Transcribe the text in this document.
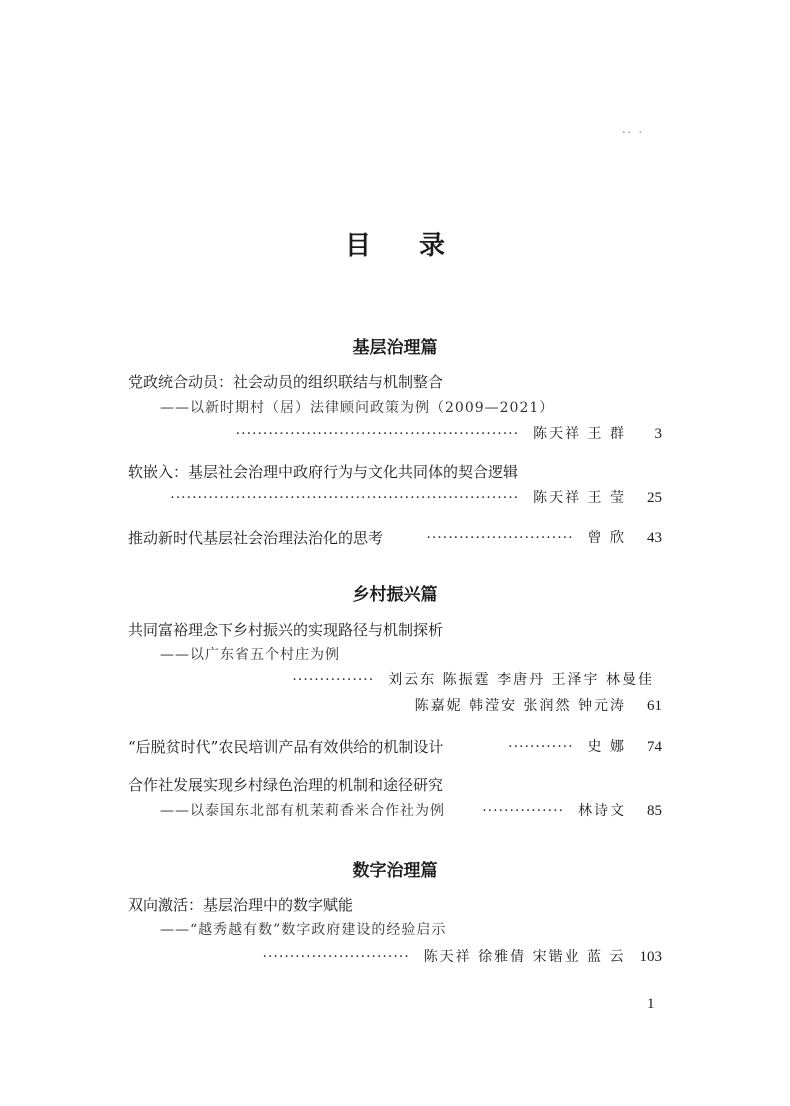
·· ·
目录
基层治理篇
党政统合动员：社会动员的组织联结与机制整合
——以新时期村（居）法律顾问政策为例（2009—2021）
···················································· 陈天祥 王 群	3
软嵌入：基层社会治理中政府行为与文化共同体的契合逻辑
································································ 陈天祥 王 莹	25
推动新时代基层社会治理法治化的思考	··························· 曾 欣	43
乡村振兴篇
共同富裕理念下乡村振兴的实现路径与机制探析
——以广东省五个村庄为例
··············· 刘云东 陈振霆 李唐丹 王泽宇 林曼佳
陈嘉妮 韩滢安 张润然 钟元涛	61
“后脱贫时代”农民培训产品有效供给的机制设计	············ 史 娜	74
合作社发展实现乡村绿色治理的机制和途径研究
——以泰国东北部有机茉莉香米合作社为例	··············· 林诗文	85
数字治理篇
双向激活：基层治理中的数字赋能
——“越秀越有数”数字政府建设的经验启示
··························· 陈天祥 徐雅倩 宋锴业 蓝 云 103
1
